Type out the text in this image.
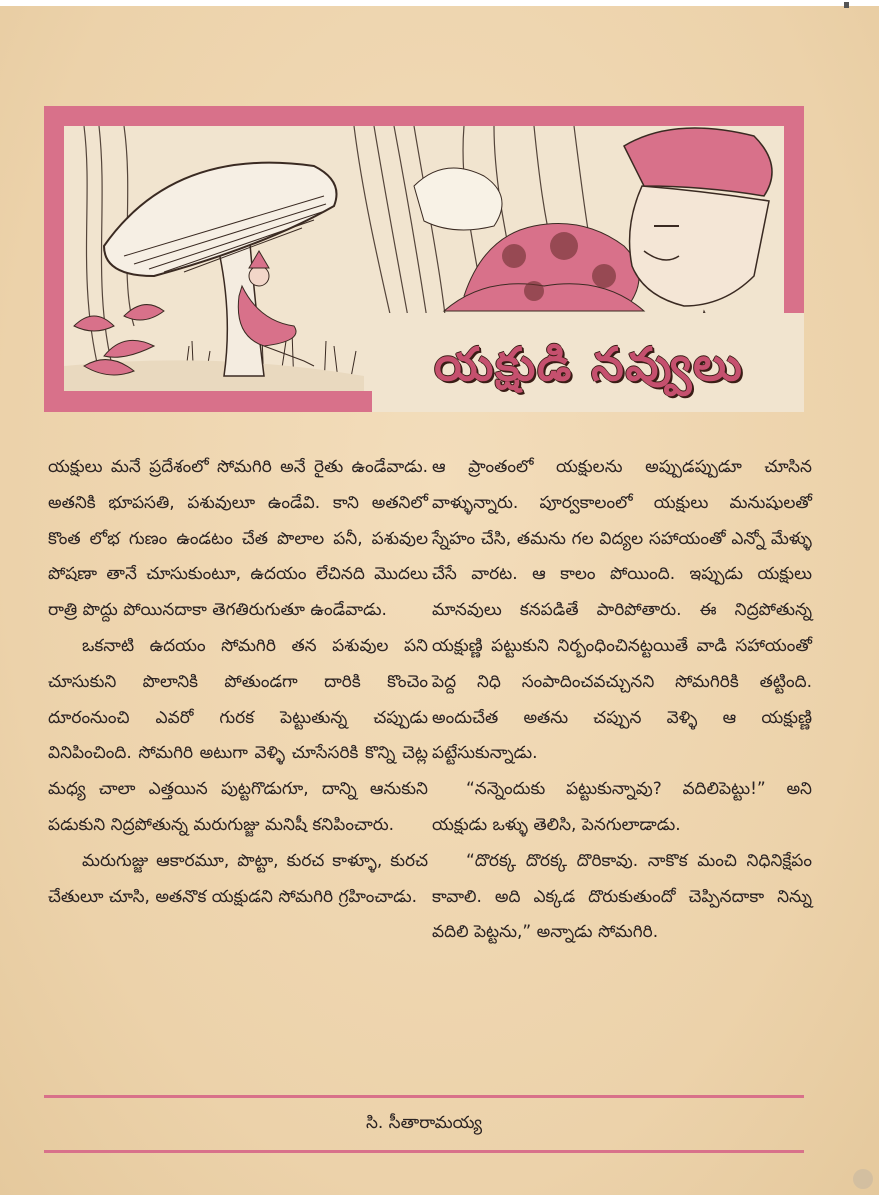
యక్షుడి నవ్వులు

యక్షులు మనే ప్రదేశంలో సోమగిరి అనే రైతు ఉండేవాడు. అతనికి భూపసతి, పశువులూ ఉండేవి. కాని అతనిలో కొంత లోభ గుణం ఉండటం చేత పొలాల పనీ, పశువుల పోషణా తానే చూసుకుంటూ, ఉదయం లేచినది మొదలు రాత్రి పొద్దు పోయినదాకా తెగతిరుగుతూ ఉండేవాడు.

ఒకనాటి ఉదయం సోమగిరి తన పశువుల పని చూసుకుని పొలానికి పోతుండగా దారికి కొంచెం దూరంనుంచి ఎవరో గురక పెట్టుతున్న చప్పుడు వినిపించింది. సోమగిరి అటుగా వెళ్ళి చూసేసరికి కొన్ని చెట్ల మధ్య చాలా ఎత్తయిన పుట్టగొడుగూ, దాన్ని ఆనుకుని పడుకుని నిద్రపోతున్న మరుగుజ్జు మనిషీ కనిపించారు.

మరుగుజ్జు ఆకారమూ, పొట్టా, కురచ కాళ్ళూ, కురచ చేతులూ చూసి, అతనొక యక్షుడని సోమగిరి గ్రహించాడు.

ఆ ప్రాంతంలో యక్షులను అప్పుడప్పుడూ చూసిన వాళ్ళున్నారు. పూర్వకాలంలో యక్షులు మనుషులతో స్నేహం చేసి, తమను గల విద్యల సహాయంతో ఎన్నో మేళ్ళు చేసే వారట. ఆ కాలం పోయింది. ఇప్పుడు యక్షులు మానవులు కనపడితే పారిపోతారు. ఈ నిద్రపోతున్న యక్షుణ్ణి పట్టుకుని నిర్బంధించినట్టయితే వాడి సహాయంతో పెద్ద నిధి సంపాదించవచ్చునని సోమగిరికి తట్టింది. అందుచేత అతను చప్పున వెళ్ళి ఆ యక్షుణ్ణి పట్టేసుకున్నాడు.

“నన్నెందుకు పట్టుకున్నావు? వదిలిపెట్టు!” అని యక్షుడు ఒళ్ళు తెలిసి, పెనగులాడాడు.

“దొరక్క దొరక్క దొరికావు. నాకొక మంచి నిధినిక్షేపం కావాలి. అది ఎక్కడ దొరుకుతుందో చెప్పినదాకా నిన్ను వదిలి పెట్టను,” అన్నాడు సోమగిరి.

సి. సీతారామయ్య
